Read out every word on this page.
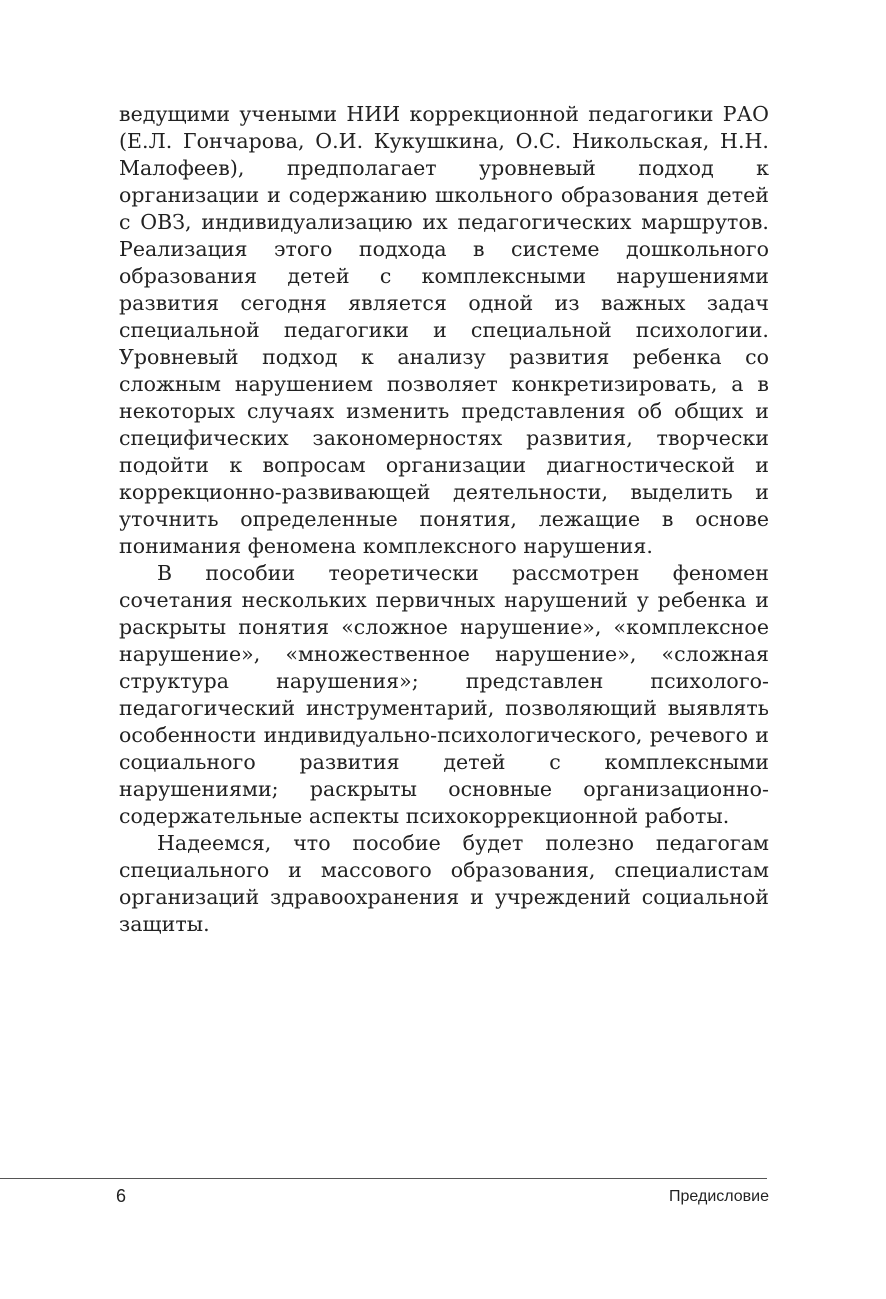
ведущими учеными НИИ коррекционной педагогики РАО (Е.Л. Гончарова, О.И. Кукушкина, О.С. Никольская, Н.Н. Малофеев), предполагает уровневый подход к организации и содержанию школьного образования детей с ОВЗ, индивидуализацию их педагогических маршрутов. Реализация этого подхода в системе дошкольного образования детей с комплексными нарушениями развития сегодня является одной из важных задач специальной педагогики и специальной психологии. Уровневый подход к анализу развития ребенка со сложным нарушением позволяет конкретизировать, а в некоторых случаях изменить представления об общих и специфических закономерностях развития, творчески подойти к вопросам организации диагностической и коррекционно-развивающей деятельности, выделить и уточнить определенные понятия, лежащие в основе понимания феномена комплексного нарушения.

В пособии теоретически рассмотрен феномен сочетания нескольких первичных нарушений у ребенка и раскрыты понятия «сложное нарушение», «комплексное нарушение», «множественное нарушение», «сложная структура нарушения»; представлен психолого-педагогический инструментарий, позволяющий выявлять особенности индивидуально-психологического, речевого и социального развития детей с комплексными нарушениями; раскрыты основные организационно-содержательные аспекты психокоррекционной работы.

Надеемся, что пособие будет полезно педагогам специального и массового образования, специалистам организаций здравоохранения и учреждений социальной защиты.

6	Предисловие
